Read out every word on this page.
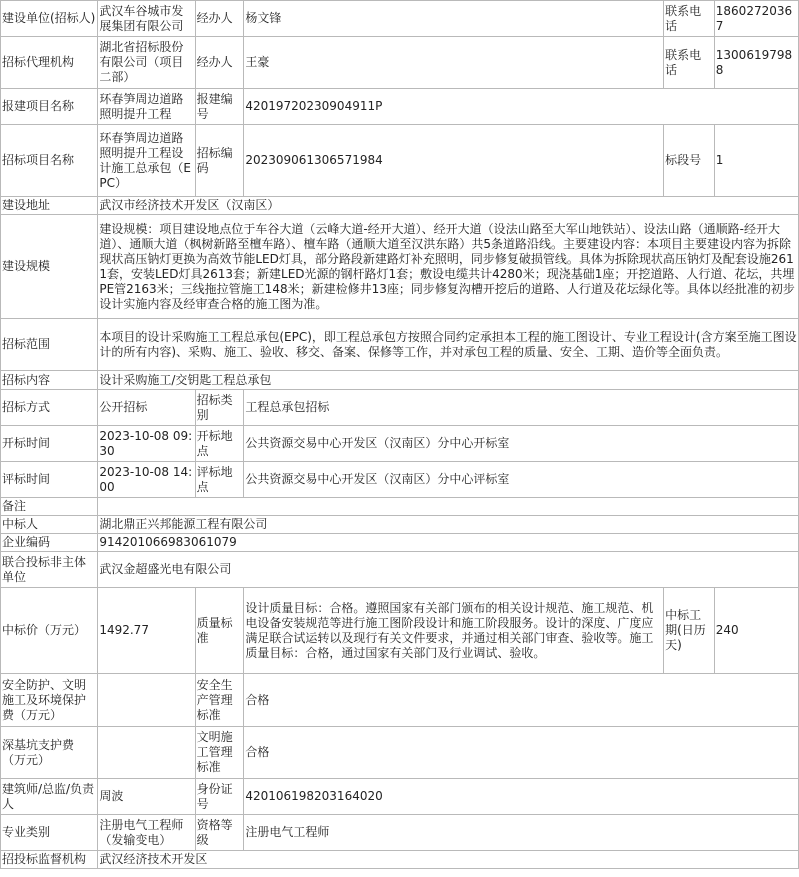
建设单位(招标人)	武汉车谷城市发展集团有限公司	经办人	杨文锋	联系电话	18602720367
招标代理机构	湖北省招标股份有限公司（项目二部）	经办人	王豪	联系电话	13006197988
报建项目名称	环春笋周边道路照明提升工程	报建编号	42019720230904911P		
招标项目名称	环春笋周边道路照明提升工程设计施工总承包（EPC）	招标编码	202309061306571984	标段号	1
建设地址	武汉市经济技术开发区（汉南区）				
建设规模	建设规模：项目建设地点位于车谷大道（云峰大道-经开大道）、经开大道（设法山路至大军山地铁站）、设法山路（通顺路-经开大道）、通顺大道（枫树新路至檀车路）、檀车路（通顺大道至汉洪东路）共5条道路沿线。主要建设内容：本项目主要建设内容为拆除现状高压钠灯更换为高效节能LED灯具，部分路段新建路灯补充照明，同步修复破损管线。具体为拆除现状高压钠灯及配套设施2611套，安装LED灯具2613套；新建LED光源的钢杆路灯1套；敷设电缆共计4280米；现浇基础1座；开挖道路、人行道、花坛，共埋PE管2163米；三线拖拉管施工148米；新建检修井13座；同步修复沟槽开挖后的道路、人行道及花坛绿化等。具体以经批准的初步设计实施内容及经审查合格的施工图为准。				
招标范围	本项目的设计采购施工工程总承包(EPC)，即工程总承包方按照合同约定承担本工程的施工图设计、专业工程设计(含方案至施工图设计的所有内容)、采购、施工、验收、移交、备案、保修等工作，并对承包工程的质量、安全、工期、造价等全面负责。				
招标内容	设计采购施工/交钥匙工程总承包				
招标方式	公开招标	招标类别	工程总承包招标		
开标时间	2023-10-08 09:30	开标地点	公共资源交易中心开发区（汉南区）分中心开标室		
评标时间	2023-10-08 14:00	评标地点	公共资源交易中心开发区（汉南区）分中心评标室		
备注					
中标人	湖北鼎正兴邦能源工程有限公司				
企业编码	91420106698306107​9				
联合投标非主体单位	武汉金超盛光电有限公司				
中标价（万元）	1492.77	质量标准	设计质量目标：合格。遵照国家有关部门颁布的相关设计规范、施工规范、机电设备安装规范等进行施工图阶段设计和施工阶段服务。设计的深度、广度应满足联合试运转以及现行有关文件要求，并通过相关部门审查、验收等。施工质量目标：合格，通过国家有关部门及行业调试、验收。	中标工期(日历天)	240
安全防护、文明施工及环境保护费（万元）		安全生产管理标准	合格		
深基坑支护费（万元）		文明施工管理标准	合格		
建筑师/总监/负责人	周波	身份证号	420106198203164020		
专业类别	注册电气工程师（发输变电）	资格等级	注册电气工程师		
招投标监督机构	武汉经济技术开发区				
